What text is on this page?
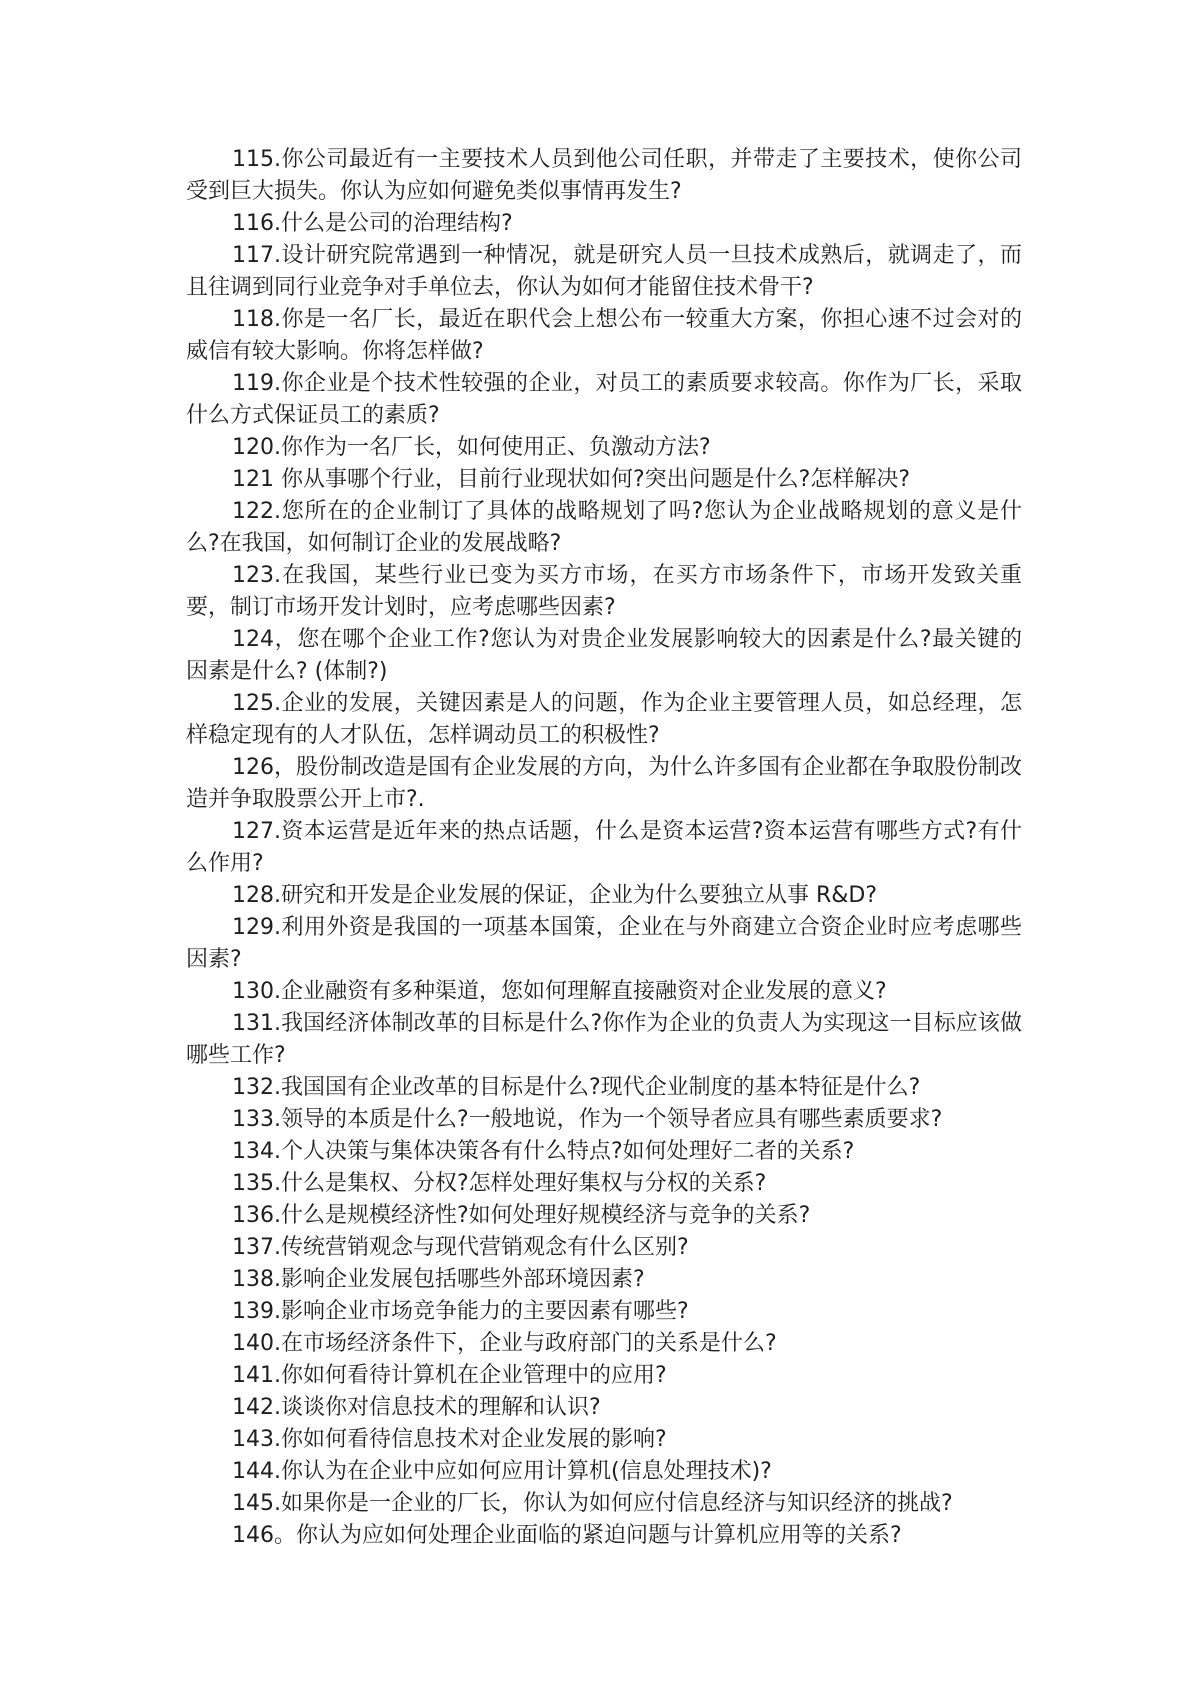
115.你公司最近有一主要技术人员到他公司任职，并带走了主要技术，使你公司受到巨大损失。你认为应如何避免类似事情再发生?

116.什么是公司的治理结构?

117.设计研究院常遇到一种情况，就是研究人员一旦技术成熟后，就调走了，而且往调到同行业竞争对手单位去，你认为如何才能留住技术骨干?

118.你是一名厂长，最近在职代会上想公布一较重大方案，你担心速不过会对的威信有较大影响。你将怎样做?

119.你企业是个技术性较强的企业，对员工的素质要求较高。你作为厂长，采取什么方式保证员工的素质?

120.你作为一名厂长，如何使用正、负激动方法?

121 你从事哪个行业，目前行业现状如何?突出问题是什么?怎样解决?

122.您所在的企业制订了具体的战略规划了吗?您认为企业战略规划的意义是什么?在我国，如何制订企业的发展战略?

123.在我国，某些行业已变为买方市场，在买方市场条件下，市场开发致关重要，制订市场开发计划时，应考虑哪些因素?

124，您在哪个企业工作?您认为对贵企业发展影响较大的因素是什么?最关键的因素是什么? (体制?)

125.企业的发展，关键因素是人的问题，作为企业主要管理人员，如总经理，怎样稳定现有的人才队伍，怎样调动员工的积极性?

126，股份制改造是国有企业发展的方向，为什么许多国有企业都在争取股份制改造并争取股票公开上市?.

127.资本运营是近年来的热点话题，什么是资本运营?资本运营有哪些方式?有什么作用?

128.研究和开发是企业发展的保证，企业为什么要独立从事 R&D?

129.利用外资是我国的一项基本国策，企业在与外商建立合资企业时应考虑哪些因素?

130.企业融资有多种渠道，您如何理解直接融资对企业发展的意义?

131.我国经济体制改革的目标是什么?你作为企业的负责人为实现这一目标应该做哪些工作?

132.我国国有企业改革的目标是什么?现代企业制度的基本特征是什么?

133.领导的本质是什么?一般地说，作为一个领导者应具有哪些素质要求?

134.个人决策与集体决策各有什么特点?如何处理好二者的关系?

135.什么是集权、分权?怎样处理好集权与分权的关系?

136.什么是规模经济性?如何处理好规模经济与竞争的关系?

137.传统营销观念与现代营销观念有什么区别?

138.影响企业发展包括哪些外部环境因素?

139.影响企业市场竞争能力的主要因素有哪些?

140.在市场经济条件下，企业与政府部门的关系是什么?

141.你如何看待计算机在企业管理中的应用?

142.谈谈你对信息技术的理解和认识?

143.你如何看待信息技术对企业发展的影响?

144.你认为在企业中应如何应用计算机(信息处理技术)?

145.如果你是一企业的厂长，你认为如何应付信息经济与知识经济的挑战?

146。你认为应如何处理企业面临的紧迫问题与计算机应用等的关系?
